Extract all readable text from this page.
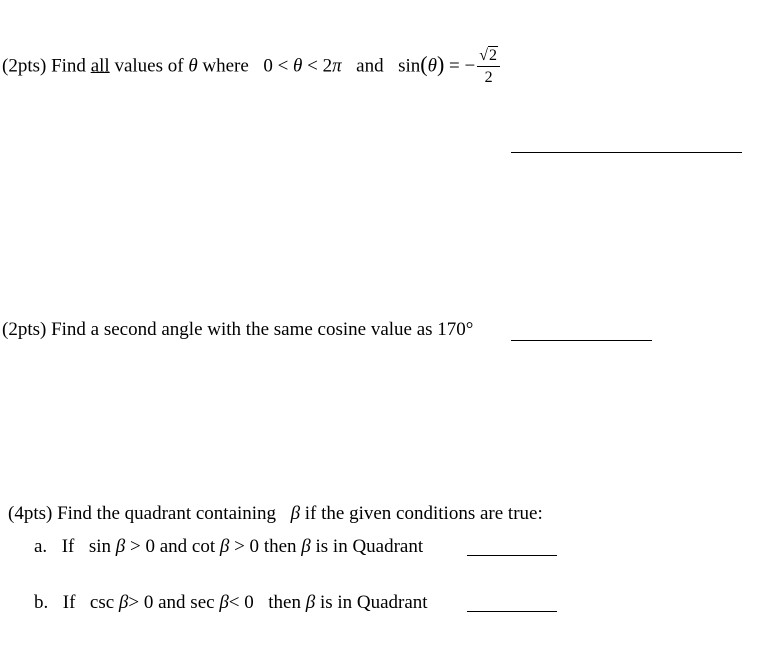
(2pts) Find all values of θ where 0 < θ < 2π and sin(θ) = − $\frac{√2}{2}$
(2pts) Find a second angle with the same cosine value as 170°
(4pts) Find the quadrant containing β if the given conditions are true:
a. If sin β > 0 and cot β > 0 then β is in Quadrant
b. If csc β> 0 and sec β< 0 then β is in Quadrant
